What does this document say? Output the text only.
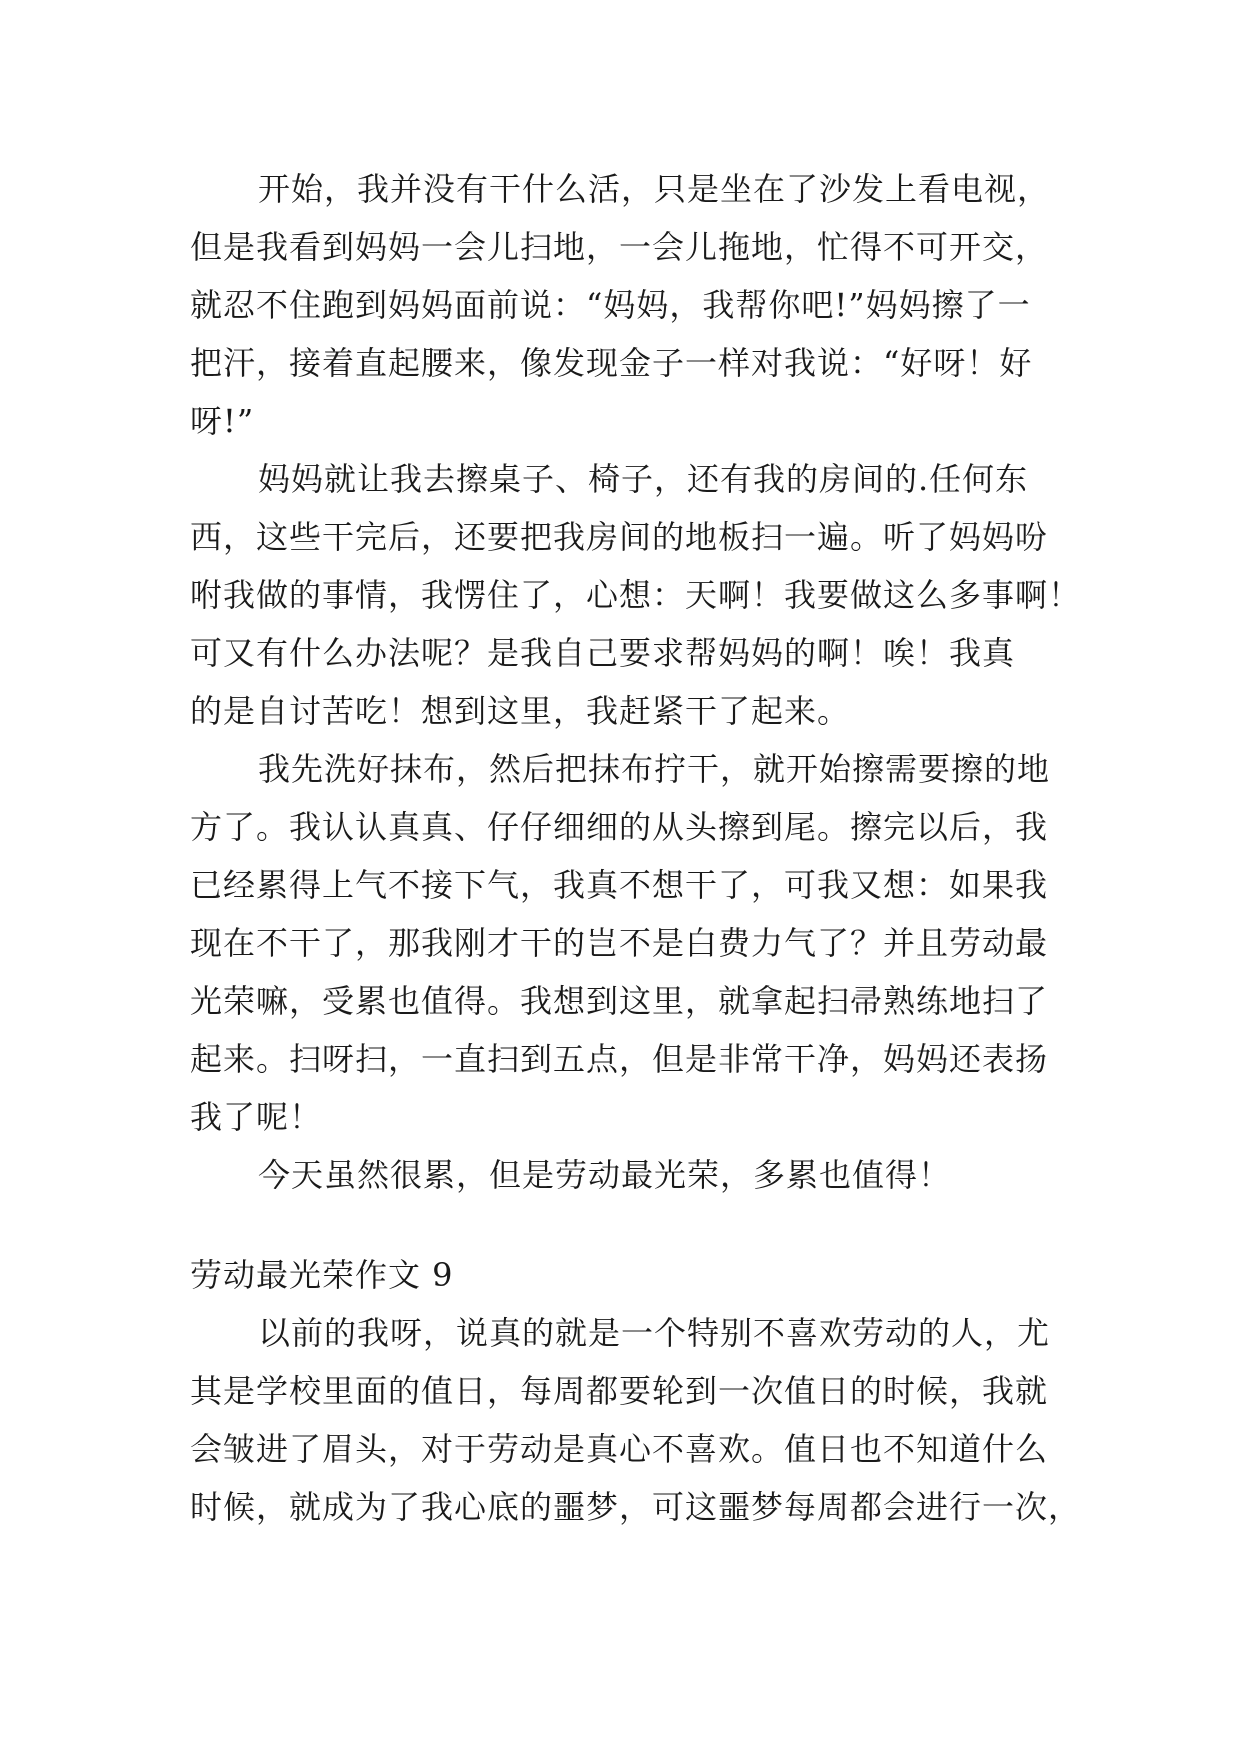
开始，我并没有干什么活，只是坐在了沙发上看电视，
但是我看到妈妈一会儿扫地，一会儿拖地，忙得不可开交，
就忍不住跑到妈妈面前说：“妈妈，我帮你吧!”妈妈擦了一
把汗，接着直起腰来，像发现金子一样对我说：“好呀！好
呀!”

妈妈就让我去擦桌子、椅子，还有我的房间的.任何东
西，这些干完后，还要把我房间的地板扫一遍。听了妈妈吩
咐我做的事情，我愣住了，心想：天啊！我要做这么多事啊！
可又有什么办法呢？是我自己要求帮妈妈的啊！唉！我真
的是自讨苦吃！想到这里，我赶紧干了起来。

我先洗好抹布，然后把抹布拧干，就开始擦需要擦的地
方了。我认认真真、仔仔细细的从头擦到尾。擦完以后，我
已经累得上气不接下气，我真不想干了，可我又想：如果我
现在不干了，那我刚才干的岂不是白费力气了？并且劳动最
光荣嘛，受累也值得。我想到这里，就拿起扫帚熟练地扫了
起来。扫呀扫，一直扫到五点，但是非常干净，妈妈还表扬
我了呢！

今天虽然很累，但是劳动最光荣，多累也值得！

劳动最光荣作文 9

以前的我呀，说真的就是一个特别不喜欢劳动的人，尤
其是学校里面的值日，每周都要轮到一次值日的时候，我就
会皱进了眉头，对于劳动是真心不喜欢。值日也不知道什么
时候，就成为了我心底的噩梦，可这噩梦每周都会进行一次，
